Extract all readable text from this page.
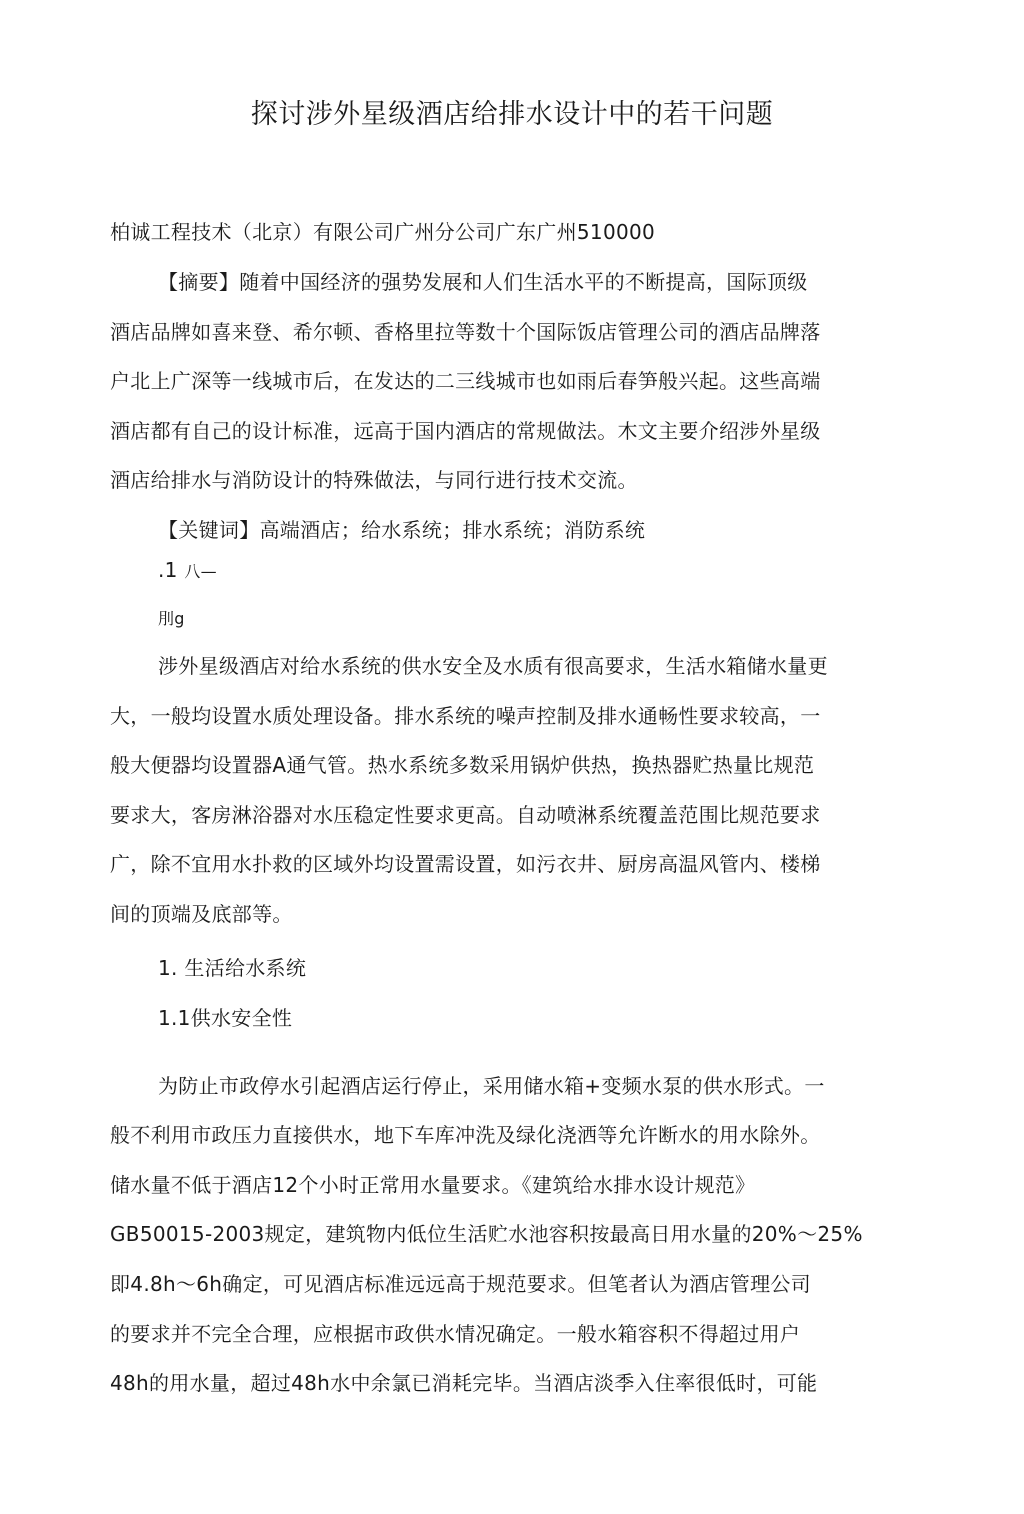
探讨涉外星级酒店给排水设计中的若干问题
柏诚工程技术（北京）有限公司广州分公司广东广州510000
【摘要】随着中国经济的强势发展和人们生活水平的不断提高，国际顶级
酒店品牌如喜来登、希尔顿、香格里拉等数十个国际饭店管理公司的酒店品牌落
户北上广深等一线城市后，在发达的二三线城市也如雨后春笋般兴起。这些高端
酒店都有自己的设计标准，远高于国内酒店的常规做法。木文主要介绍涉外星级
酒店给排水与消防设计的特殊做法，与同行进行技术交流。
【关键词】高端酒店；给水系统；排水系统；消防系统
.1 八—
刖g
涉外星级酒店对给水系统的供水安全及水质有很高要求，生活水箱储水量更
大，一般均设置水质处理设备。排水系统的噪声控制及排水通畅性要求较高，一
般大便器均设置器A通气管。热水系统多数采用锅炉供热，换热器贮热量比规范
要求大，客房淋浴器对水压稳定性要求更高。自动喷淋系统覆盖范围比规范要求
广，除不宜用水扑救的区域外均设置需设置，如污衣井、厨房高温风管内、楼梯
间的顶端及底部等。
1. 生活给水系统
1.1供水安全性
为防止市政停水引起酒店运行停止，采用储水箱+变频水泵的供水形式。一
般不利用市政压力直接供水，地下车库冲洗及绿化浇洒等允许断水的用水除外。
储水量不低于酒店12个小时正常用水量要求。《建筑给水排水设计规范》
GB50015-2003规定，建筑物内低位生活贮水池容积按最高日用水量的20%～25%
即4.8h～6h确定，可见酒店标准远远高于规范要求。但笔者认为酒店管理公司
的要求并不完全合理，应根据市政供水情况确定。一般水箱容积不得超过用户
48h的用水量，超过48h水中余氯已消耗完毕。当酒店淡季入住率很低时，可能
